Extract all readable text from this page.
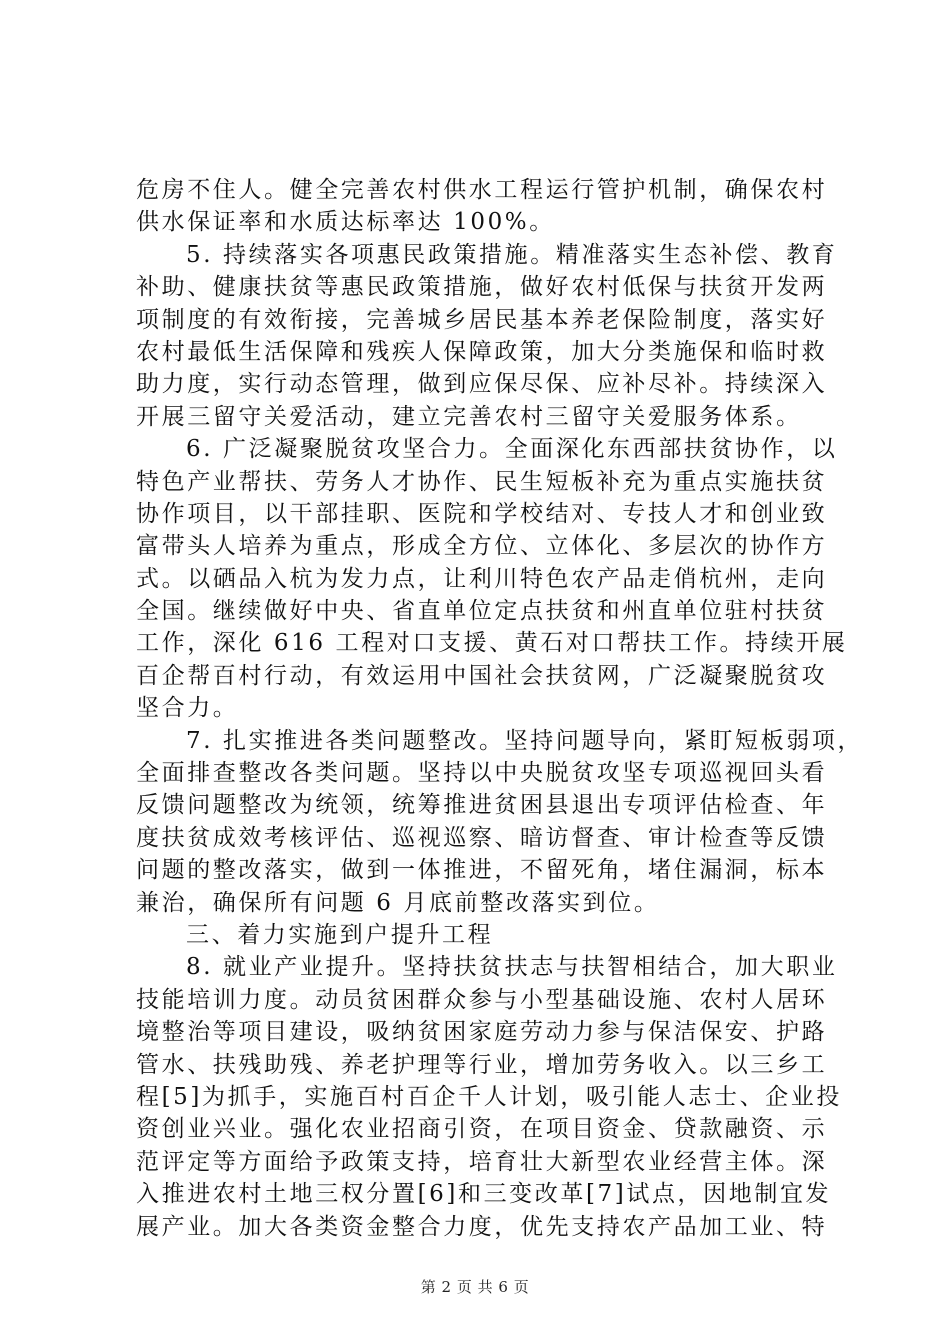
危房不住人。健全完善农村供水工程运行管护机制，确保农村
供水保证率和水质达标率达 100%。
5. 持续落实各项惠民政策措施。精准落实生态补偿、教育
补助、健康扶贫等惠民政策措施，做好农村低保与扶贫开发两
项制度的有效衔接，完善城乡居民基本养老保险制度，落实好
农村最低生活保障和残疾人保障政策，加大分类施保和临时救
助力度，实行动态管理，做到应保尽保、应补尽补。持续深入
开展三留守关爱活动，建立完善农村三留守关爱服务体系。
6. 广泛凝聚脱贫攻坚合力。全面深化东西部扶贫协作，以
特色产业帮扶、劳务人才协作、民生短板补充为重点实施扶贫
协作项目，以干部挂职、医院和学校结对、专技人才和创业致
富带头人培养为重点，形成全方位、立体化、多层次的协作方
式。以硒品入杭为发力点，让利川特色农产品走俏杭州，走向
全国。继续做好中央、省直单位定点扶贫和州直单位驻村扶贫
工作，深化 616 工程对口支援、黄石对口帮扶工作。持续开展
百企帮百村行动，有效运用中国社会扶贫网，广泛凝聚脱贫攻
坚合力。
7. 扎实推进各类问题整改。坚持问题导向，紧盯短板弱项，
全面排查整改各类问题。坚持以中央脱贫攻坚专项巡视回头看
反馈问题整改为统领，统筹推进贫困县退出专项评估检查、年
度扶贫成效考核评估、巡视巡察、暗访督查、审计检查等反馈
问题的整改落实，做到一体推进，不留死角，堵住漏洞，标本
兼治，确保所有问题 6 月底前整改落实到位。
三、着力实施到户提升工程
8. 就业产业提升。坚持扶贫扶志与扶智相结合，加大职业
技能培训力度。动员贫困群众参与小型基础设施、农村人居环
境整治等项目建设，吸纳贫困家庭劳动力参与保洁保安、护路
管水、扶残助残、养老护理等行业，增加劳务收入。以三乡工
程[5]为抓手，实施百村百企千人计划，吸引能人志士、企业投
资创业兴业。强化农业招商引资，在项目资金、贷款融资、示
范评定等方面给予政策支持，培育壮大新型农业经营主体。深
入推进农村土地三权分置[6]和三变改革[7]试点，因地制宜发
展产业。加大各类资金整合力度，优先支持农产品加工业、特
第 2 页 共 6 页
